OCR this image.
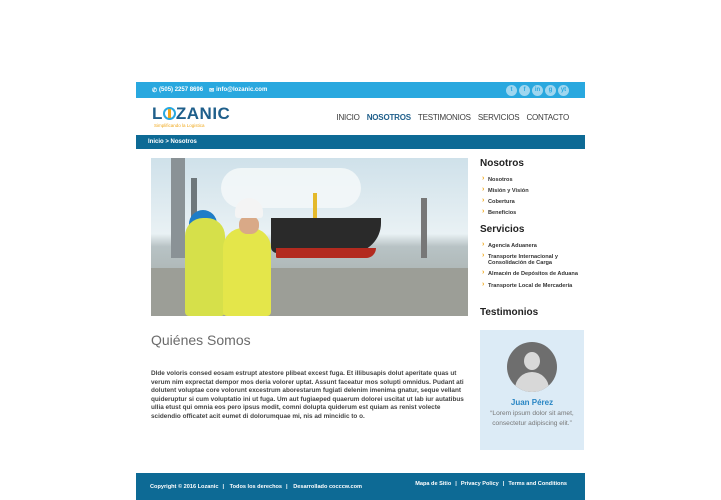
✆ (505) 2257 8696 ✉ info@lozanic.com	t	f	in	g	yt
L ZANIC
Simplificando la Logistica
INICIO NOSOTROS TESTIMONIOS SERVICIOS CONTACTO
Inicio > Nosotros
Quiénes Somos

Dlde voloris consed eosam estrupt atestore plibeat excest fuga. Et illibusapis dolut aperitate quas ut verum nim exprectat dempor mos deria volorer uptat. Assunt faceatur mos solupti omnidus. Pudant ati dolutent voluptae core volorunt excestrum aborestarum fugiati delenim imenima gnatur, seque vellant quideruptur si cum voluptatio ini ut fuga. Um aut fugiaeped quaerum dolorei uscitat ut lab iur autatibus ullia etust qui omnia eos pero ipsus modit, comni dolupta quiderum est quiam as renist volecte scidendio officatet acit eumet di dolorumquae mi, nis ad mincidic to o.

Nosotros
› Nosotros
› Misión y Visión
› Cobertura
› Beneficios
Servicios
› Agencia Aduanera
› Transporte Internacional y Consolidación de Carga
› Almacén de Depósitos de Aduana
› Transporte Local de Mercadería
Testimonios
Juan Pérez
“Lorem ipsum dolor sit amet, consectetur adipiscing elit.”
Copyright © 2016 Lozanic | Todos los derechos | Desarrollado cocccw.com	Mapa de Sitio | Privacy Policy | Terms and Conditions
